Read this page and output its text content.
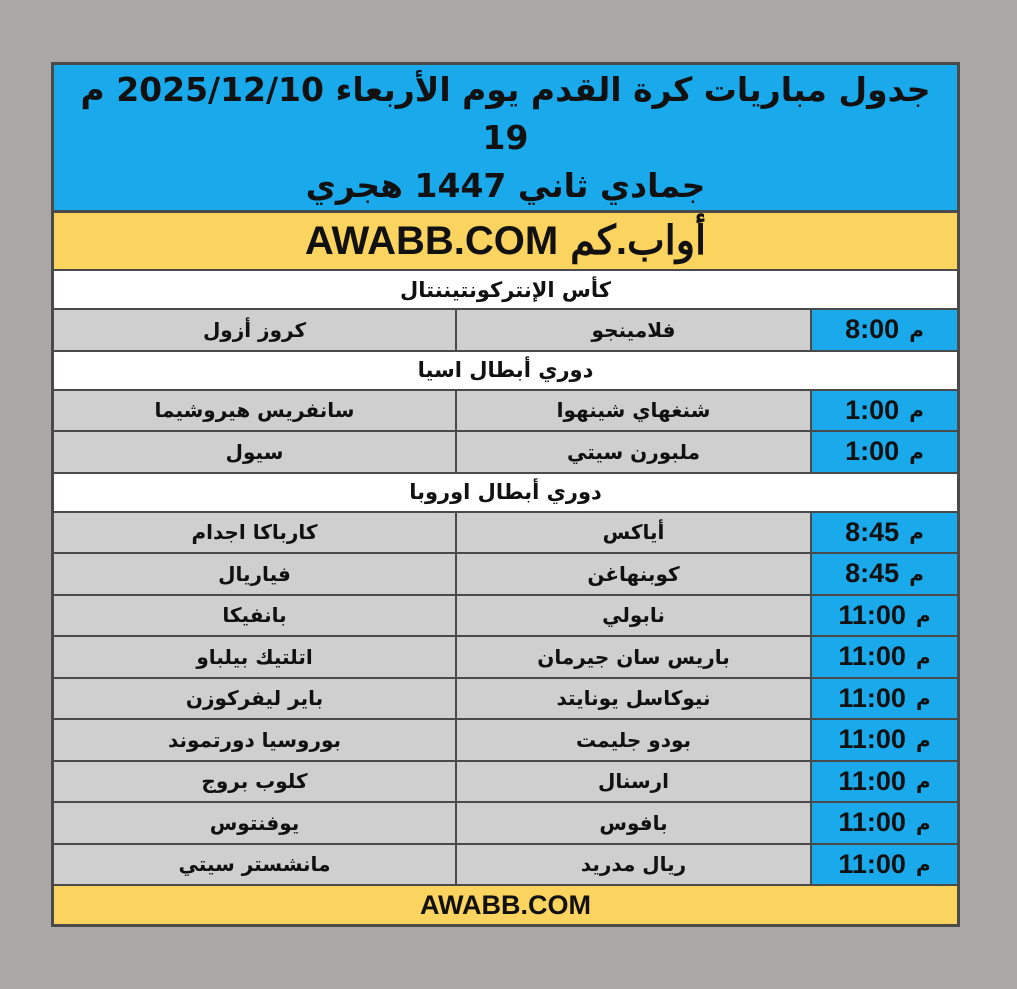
جدول مباريات كرة القدم يوم الأربعاء 2025/12/10 م 19
جمادي ثاني 1447 هجري
AWABB.COM أواب.كم
كأس الإنتركونتيننتال
كروز أزول	فلامينجو	8:00 م
دوري أبطال اسيا
سانفريس هيروشيما	شنغهاي شينهوا	1:00 م
سيول	ملبورن سيتي	1:00 م
دوري أبطال اوروبا
كارباكا اجدام	أياكس	8:45 م
فياريال	كوبنهاغن	8:45 م
بانفيكا	نابولي	11:00 م
اتلتيك بيلباو	باريس سان جيرمان	11:00 م
باير ليفركوزن	نيوكاسل يونايتد	11:00 م
بوروسيا دورتموند	بودو جليمت	11:00 م
كلوب بروج	ارسنال	11:00 م
يوفنتوس	بافوس	11:00 م
مانشستر سيتي	ريال مدريد	11:00 م
AWABB.COM
